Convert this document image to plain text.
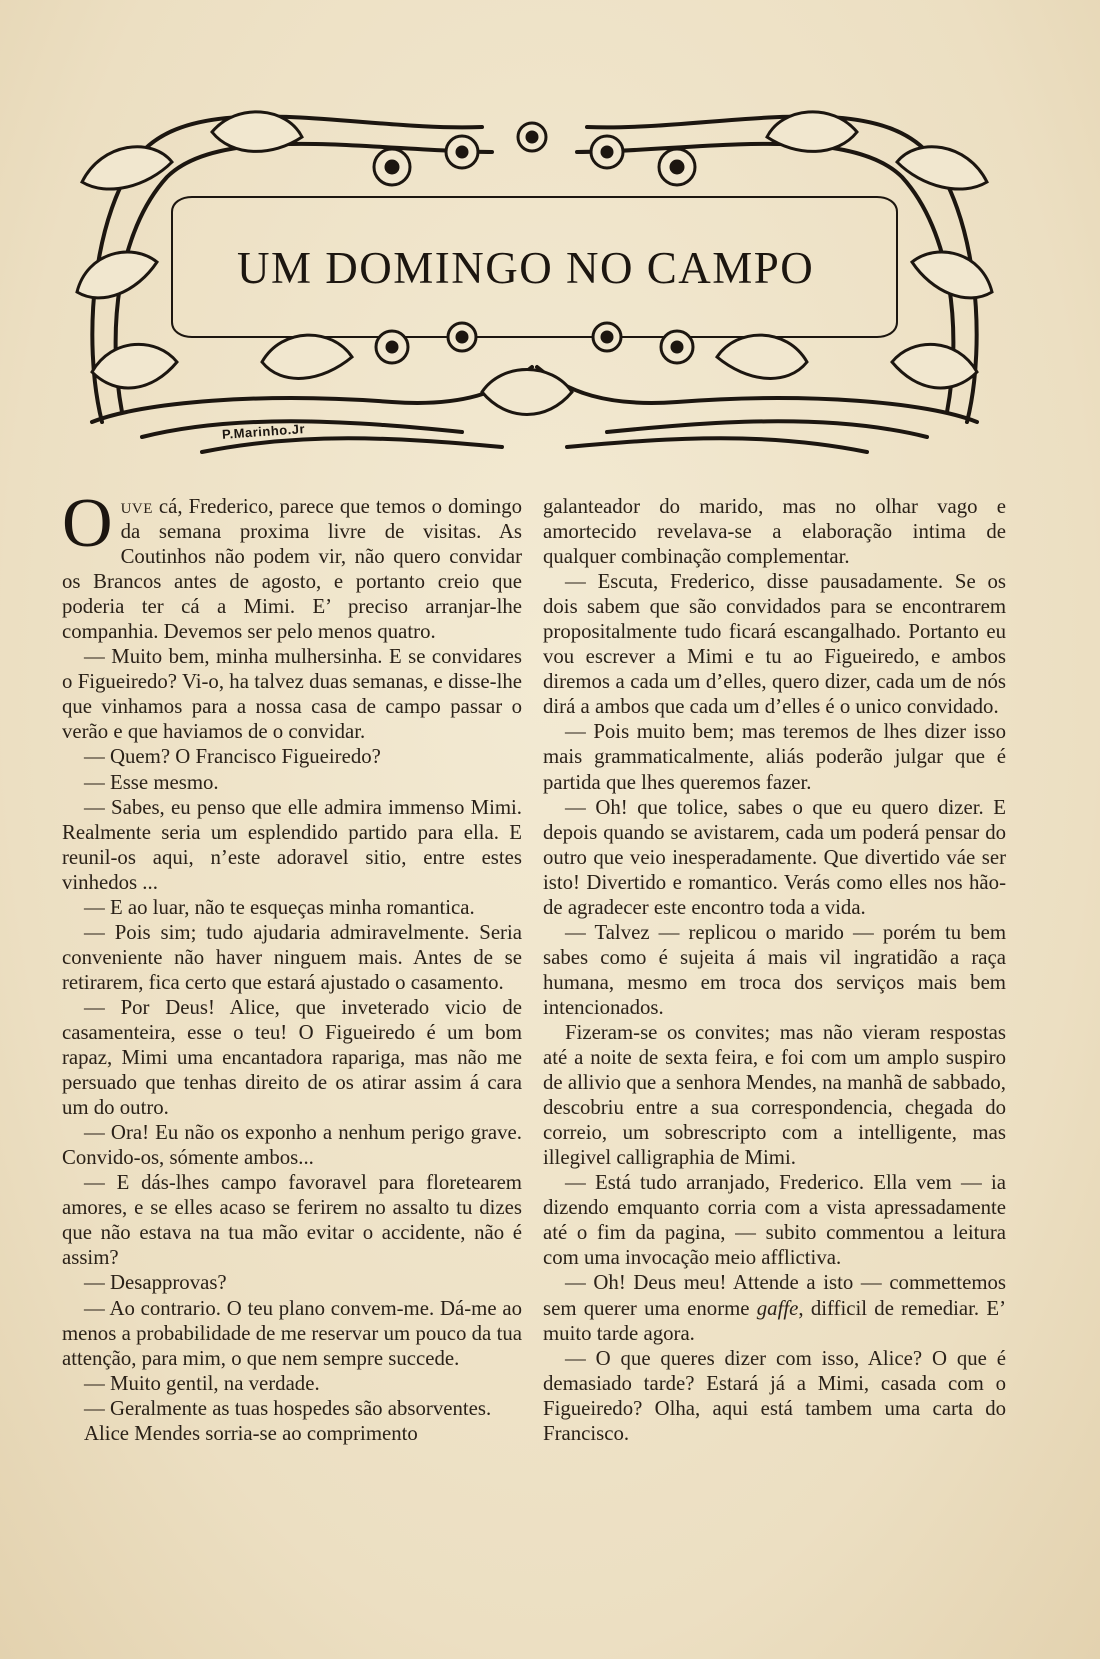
UM DOMINGO NO CAMPO
P.Marinho.Jr

Ouve cá, Frederico, parece que temos o domingo da semana proxima livre de visitas. As Coutinhos não podem vir, não quero convidar os Brancos antes de agosto, e portanto creio que poderia ter cá a Mimi. E’ preciso arranjar-lhe companhia. Devemos ser pelo menos quatro.

— Muito bem, minha mulhersinha. E se convidares o Figueiredo? Vi-o, ha talvez duas semanas, e disse-lhe que vinhamos para a nossa casa de campo passar o verão e que haviamos de o convidar.

— Quem? O Francisco Figueiredo?

— Esse mesmo.

— Sabes, eu penso que elle admira immenso Mimi. Realmente seria um esplendido partido para ella. E reunil-os aqui, n’este adoravel sitio, entre estes vinhedos ...

— E ao luar, não te esqueças minha romantica.

— Pois sim; tudo ajudaria admiravelmente. Seria conveniente não haver ninguem mais. Antes de se retirarem, fica certo que estará ajustado o casamento.

— Por Deus! Alice, que inveterado vicio de casamenteira, esse o teu! O Figueiredo é um bom rapaz, Mimi uma encantadora rapariga, mas não me persuado que tenhas direito de os atirar assim á cara um do outro.

— Ora! Eu não os exponho a nenhum perigo grave. Convido-os, sómente ambos...

— E dás-lhes campo favoravel para floretearem amores, e se elles acaso se ferirem no assalto tu dizes que não estava na tua mão evitar o accidente, não é assim?

— Desapprovas?

— Ao contrario. O teu plano convem-me. Dá-me ao menos a probabilidade de me reservar um pouco da tua attenção, para mim, o que nem sempre succede.

— Muito gentil, na verdade.

— Geralmente as tuas hospedes são absorventes.

Alice Mendes sorria-se ao comprimento

galanteador do marido, mas no olhar vago e amortecido revelava-se a elaboração intima de qualquer combinação complementar.

— Escuta, Frederico, disse pausadamente. Se os dois sabem que são convidados para se encontrarem propositalmente tudo ficará escangalhado. Portanto eu vou escrever a Mimi e tu ao Figueiredo, e ambos diremos a cada um d’elles, quero dizer, cada um de nós dirá a ambos que cada um d’elles é o unico convidado.

— Pois muito bem; mas teremos de lhes dizer isso mais grammaticalmente, aliás poderão julgar que é partida que lhes queremos fazer.

— Oh! que tolice, sabes o que eu quero dizer. E depois quando se avistarem, cada um poderá pensar do outro que veio inesperadamente. Que divertido váe ser isto! Divertido e romantico. Verás como elles nos hão-de agradecer este encontro toda a vida.

— Talvez — replicou o marido — porém tu bem sabes como é sujeita á mais vil ingratidão a raça humana, mesmo em troca dos serviços mais bem intencionados.

Fizeram-se os convites; mas não vieram respostas até a noite de sexta feira, e foi com um amplo suspiro de allivio que a senhora Mendes, na manhã de sabbado, descobriu entre a sua correspondencia, chegada do correio, um sobrescripto com a intelligente, mas illegivel calligraphia de Mimi.

— Está tudo arranjado, Frederico. Ella vem — ia dizendo emquanto corria com a vista apressadamente até o fim da pagina, — subito commentou a leitura com uma invocação meio afflictiva.

— Oh! Deus meu! Attende a isto — commettemos sem querer uma enorme gaffe, difficil de remediar. E’ muito tarde agora.

— O que queres dizer com isso, Alice? O que é demasiado tarde? Estará já a Mimi, casada com o Figueiredo? Olha, aqui está tambem uma carta do Francisco.
